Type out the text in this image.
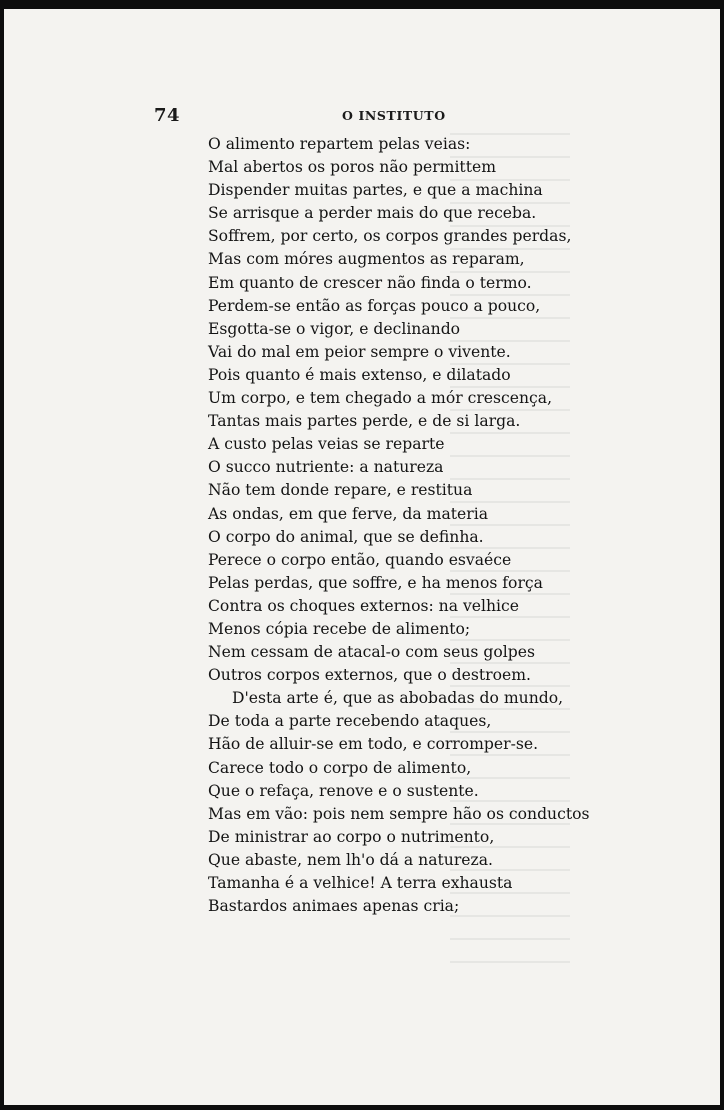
74	O INSTITUTO
O alimento repartem pelas veias:
Mal abertos os poros não permittem
Dispender muitas partes, e que a machina
Se arrisque a perder mais do que receba.
Soffrem, por certo, os corpos grandes perdas,
Mas com móres augmentos as reparam,
Em quanto de crescer não finda o termo.
Perdem-se então as forças pouco a pouco,
Esgotta-se o vigor, e declinando
Vai do mal em peior sempre o vivente.
Pois quanto é mais extenso, e dilatado
Um corpo, e tem chegado a mór crescença,
Tantas mais partes perde, e de si larga.
A custo pelas veias se reparte
O succo nutriente: a natureza
Não tem donde repare, e restitua
As ondas, em que ferve, da materia
O corpo do animal, que se definha.
Perece o corpo então, quando esvaéce
Pelas perdas, que soffre, e ha menos força
Contra os choques externos: na velhice
Menos cópia recebe de alimento;
Nem cessam de atacal-o com seus golpes
Outros corpos externos, que o destroem.
D'esta arte é, que as abobadas do mundo,
De toda a parte recebendo ataques,
Hão de alluir-se em todo, e corromper-se.
Carece todo o corpo de alimento,
Que o refaça, renove e o sustente.
Mas em vão: pois nem sempre hão os conductos
De ministrar ao corpo o nutrimento,
Que abaste, nem lh'o dá a natureza.
Tamanha é a velhice! A terra exhausta
Bastardos animaes apenas cria;
